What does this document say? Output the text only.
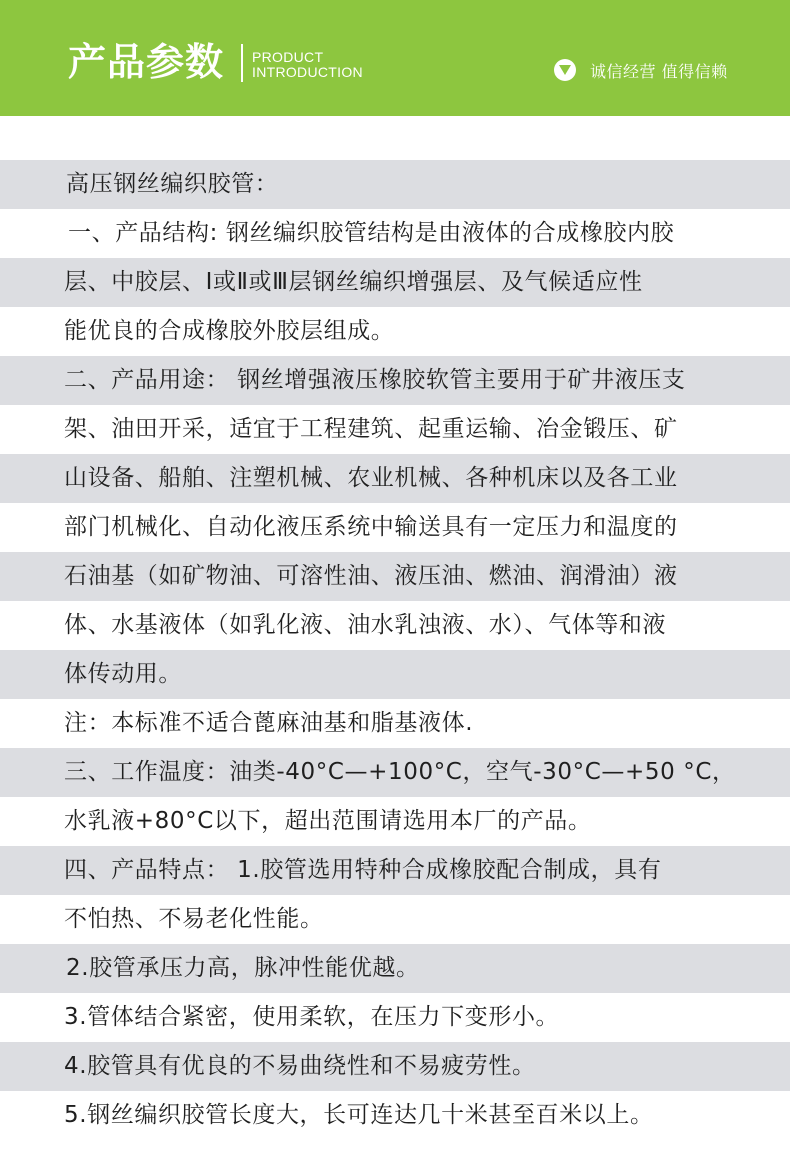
产品参数 PRODUCT
INTRODUCTION	诚信经营 值得信赖
高压钢丝编织胶管：
一、产品结构: 钢丝编织胶管结构是由液体的合成橡胶内胶
层、中胶层、Ⅰ或Ⅱ或Ⅲ层钢丝编织增强层、及气候适应性
能优良的合成橡胶外胶层组成。
二、产品用途： 钢丝增强液压橡胶软管主要用于矿井液压支
架、油田开采，适宜于工程建筑、起重运输、冶金锻压、矿
山设备、船舶、注塑机械、农业机械、各种机床以及各工业
部门机械化、自动化液压系统中输送具有一定压力和温度的
石油基（如矿物油、可溶性油、液压油、燃油、润滑油）液
体、水基液体（如乳化液、油水乳浊液、水）、气体等和液
体传动用。
注：本标准不适合蓖麻油基和脂基液体.
三、工作温度：油类-40°C—+100°C，空气-30°C—+50 °C，
水乳液+80°C以下，超出范围请选用本厂的产品。
四、产品特点： 1.胶管选用特种合成橡胶配合制成，具有
不怕热、不易老化性能。
2.胶管承压力高，脉冲性能优越。
3.管体结合紧密，使用柔软，在压力下变形小。
4.胶管具有优良的不易曲绕性和不易疲劳性。
5.钢丝编织胶管长度大，长可连达几十米甚至百米以上。
